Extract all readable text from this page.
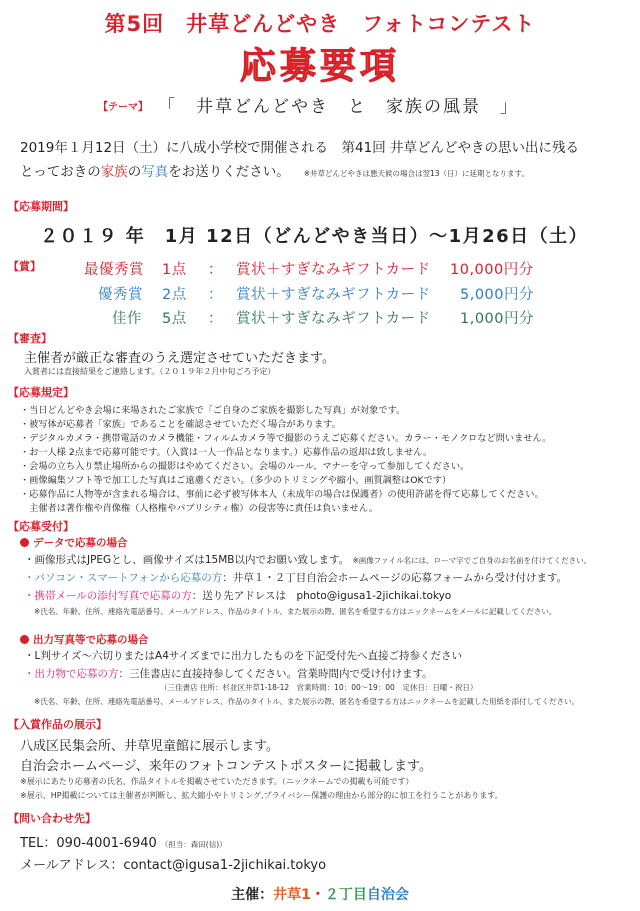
第5回　井草どんどやき　フォトコンテスト
応募要項
【テーマ】 「　井草どんどやき　と　家族の風景　」
2019年１月12日（土）に八成小学校で開催される　第41回 井草どんどやきの思い出に残る
とっておきの家族の写真をお送りください。 ※井草どんどやきは悪天候の場合は翌13（日）に延期となります。
【応募期間】
２０１９ 年　1月 12日（どんどやき当日）〜1月26日（土）
【賞】	最優秀賞 1点 ： 賞状＋すぎなみギフトカード 10,000円分
優秀賞 2点 ： 賞状＋すぎなみギフトカード 5,000円分
佳作 5点 ： 賞状＋すぎなみギフトカード 1,000円分
【審査】
主催者が厳正な審査のうえ選定させていただきます。
入賞者には直接結果をご連絡します。（２０１９年２月中旬ごろ予定）
【応募規定】
・当日どんどやき会場に来場されたご家族で「ご自身のご家族を撮影した写真」が対象です。
・被写体が応募者「家族」であることを確認させていただく場合があります。
・デジタルカメラ・携帯電話のカメラ機能・フィルムカメラ等で撮影のうえご応募ください。カラー・モノクロなど問いません。
・お一人様 2点まで応募可能です。（入賞は一人一作品となります。）応募作品の返却は致しません。
・会場の立ち入り禁止場所からの撮影はやめてください。会場のルール、マナーを守って参加してください。
・画像編集ソフト等で加工した写真はご遠慮ください。（多少のトリミングや縮小、画質調整はOKです）
・応募作品に人物等が含まれる場合は、事前に必ず被写体本人（未成年の場合は保護者）の使用許諾を得て応募してください。
　主催者は著作権や肖像権（人格権やパブリシティ権）の侵害等に責任は負いません。
【応募受付】
データで応募の場合
・画像形式はJPEGとし、画像サイズは15MB以内でお願い致します。 ※画像ファイル名には、ローマ字でご自身のお名前を付けてください。
・パソコン・スマートフォンから応募の方：井草１・２丁目自治会ホームページの応募フォームから受け付けます。
・携帯メールの添付写真で応募の方：送り先アドレスは　photo@igusa1-2jichikai.tokyo
※氏名、年齢、住所、連絡先電話番号、メールアドレス、作品のタイトル、また展示の際、匿名を希望する方はニックネームをメールに記載してください。
出力写真等で応募の場合
・L判サイズ〜六切りまたはA4サイズまでに出力したものを下記受付先へ直接ご持参ください
・出力物で応募の方：三佳書店に直接持参してください。営業時間内で受け付けます。
（三佳書店 住所：杉並区井草1-18-12　営業時間：10：00〜19：00　定休日：日曜・祝日）
※氏名、年齢、住所、連絡先電話番号、メールアドレス、作品のタイトル、また展示の際、匿名を希望する方はニックネームを記載した用紙を添付してください。
【入賞作品の展示】
八成区民集会所、井草児童館に展示します。
自治会ホームページ、来年のフォトコンテストポスターに掲載します。
※展示にあたり応募者の氏名、作品タイトルを掲載させていただきます。（ニックネームでの掲載も可能です）
※展示、HP掲載については主催者が判断し、拡大縮小やトリミング,プライバシー保護の理由から部分的に加工を行うことがあります。
【問い合わせ先】
TEL：090-4001-6940 （担当：森田(信)）
メールアドレス：contact@igusa1-2jichikai.tokyo
主催：井草1・２丁目自治会
